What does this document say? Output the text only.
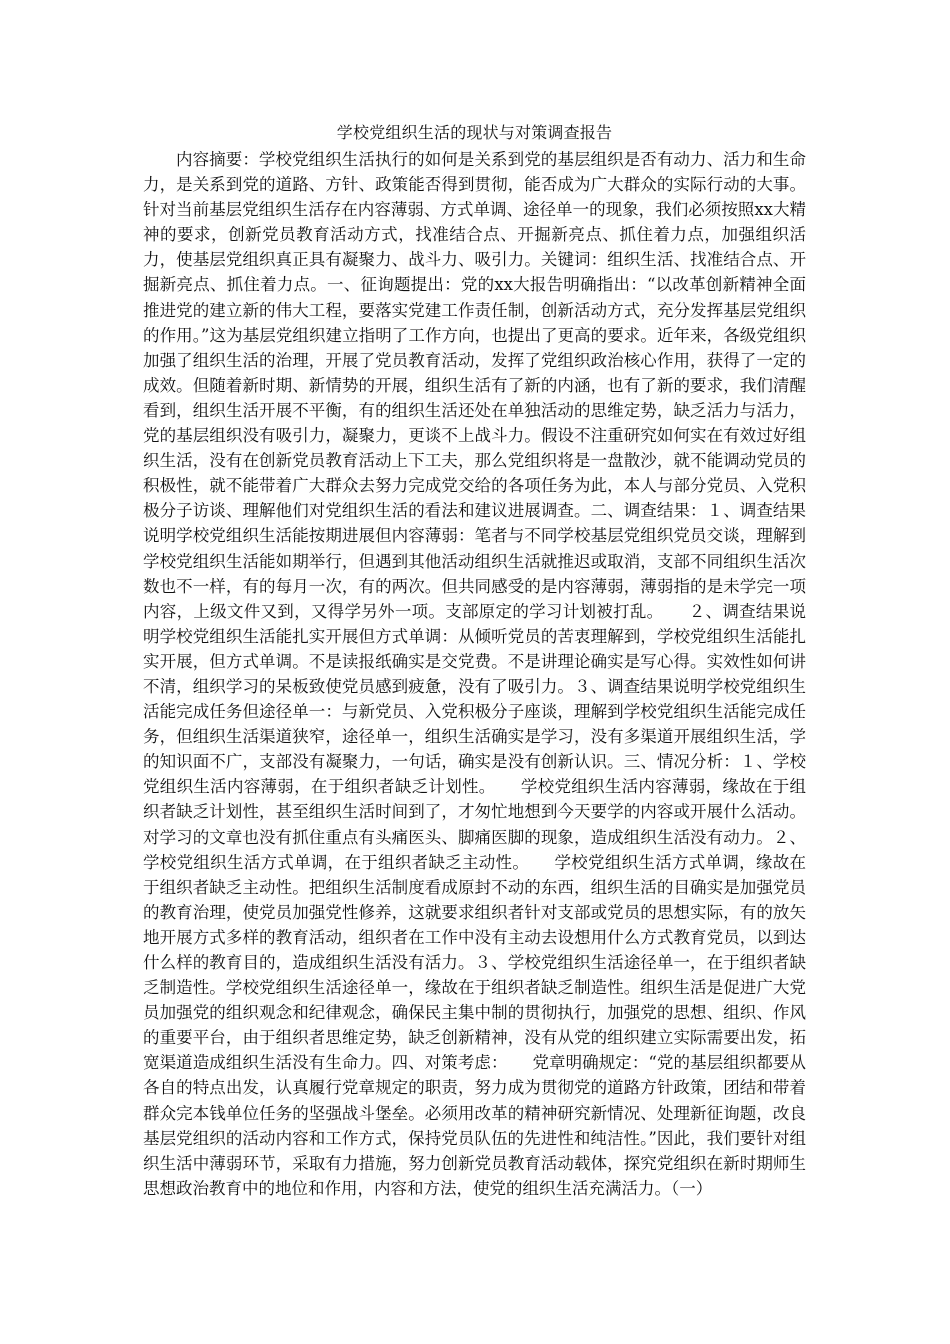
学校党组织生活的现状与对策调查报告

内容摘要：学校党组织生活执行的如何是关系到党的基层组织是否有动力、活力和生命力，是关系到党的道路、方针、政策能否得到贯彻，能否成为广大群众的实际行动的大事。针对当前基层党组织生活存在内容薄弱、方式单调、途径单一的现象，我们必须按照xx大精神的要求，创新党员教育活动方式，找准结合点、开掘新亮点、抓住着力点，加强组织活力，使基层党组织真正具有凝聚力、战斗力、吸引力。关键词：组织生活、找准结合点、开掘新亮点、抓住着力点。一、征询题提出：党的xx大报告明确指出：“以改革创新精神全面推进党的建立新的伟大工程，要落实党建工作责任制，创新活动方式，充分发挥基层党组织的作用。”这为基层党组织建立指明了工作方向，也提出了更高的要求。近年来，各级党组织加强了组织生活的治理，开展了党员教育活动，发挥了党组织政治核心作用，获得了一定的成效。但随着新时期、新情势的开展，组织生活有了新的内涵，也有了新的要求，我们清醒看到，组织生活开展不平衡，有的组织生活还处在单独活动的思维定势，缺乏活力与活力，党的基层组织没有吸引力，凝聚力，更谈不上战斗力。假设不注重研究如何实在有效过好组织生活，没有在创新党员教育活动上下工夫，那么党组织将是一盘散沙，就不能调动党员的积极性，就不能带着广大群众去努力完成党交给的各项任务为此，本人与部分党员、入党积极分子访谈、理解他们对党组织生活的看法和建议进展调查。二、调查结果：１、调查结果说明学校党组织生活能按期进展但内容薄弱：笔者与不同学校基层党组织党员交谈，理解到学校党组织生活能如期举行，但遇到其他活动组织生活就推迟或取消，支部不同组织生活次数也不一样，有的每月一次，有的两次。但共同感受的是内容薄弱，薄弱指的是未学完一项内容，上级文件又到，又得学另外一项。支部原定的学习计划被打乱。　　２、调查结果说明学校党组织生活能扎实开展但方式单调：从倾听党员的苦衷理解到，学校党组织生活能扎实开展，但方式单调。不是读报纸确实是交党费。不是讲理论确实是写心得。实效性如何讲不清，组织学习的呆板致使党员感到疲惫，没有了吸引力。３、调查结果说明学校党组织生活能完成任务但途径单一：与新党员、入党积极分子座谈，理解到学校党组织生活能完成任务，但组织生活渠道狭窄，途径单一，组织生活确实是学习，没有多渠道开展组织生活，学的知识面不广，支部没有凝聚力，一句话，确实是没有创新认识。三、情况分析：１、学校党组织生活内容薄弱，在于组织者缺乏计划性。　　学校党组织生活内容薄弱，缘故在于组织者缺乏计划性，甚至组织生活时间到了，才匆忙地想到今天要学的内容或开展什么活动。对学习的文章也没有抓住重点有头痛医头、脚痛医脚的现象，造成组织生活没有动力。２、学校党组织生活方式单调，在于组织者缺乏主动性。　　学校党组织生活方式单调，缘故在于组织者缺乏主动性。把组织生活制度看成原封不动的东西，组织生活的目确实是加强党员的教育治理，使党员加强党性修养，这就要求组织者针对支部或党员的思想实际，有的放矢地开展方式多样的教育活动，组织者在工作中没有主动去设想用什么方式教育党员，以到达什么样的教育目的，造成组织生活没有活力。３、学校党组织生活途径单一，在于组织者缺乏制造性。学校党组织生活途径单一，缘故在于组织者缺乏制造性。组织生活是促进广大党员加强党的组织观念和纪律观念，确保民主集中制的贯彻执行，加强党的思想、组织、作风的重要平台，由于组织者思维定势，缺乏创新精神，没有从党的组织建立实际需要出发，拓宽渠道造成组织生活没有生命力。四、对策考虑：　　党章明确规定：“党的基层组织都要从各自的特点出发，认真履行党章规定的职责，努力成为贯彻党的道路方针政策，团结和带着群众完本钱单位任务的坚强战斗堡垒。必须用改革的精神研究新情况、处理新征询题，改良基层党组织的活动内容和工作方式，保持党员队伍的先进性和纯洁性。”因此，我们要针对组织生活中薄弱环节，采取有力措施，努力创新党员教育活动载体，探究党组织在新时期师生思想政治教育中的地位和作用，内容和方法，使党的组织生活充满活力。（一）
